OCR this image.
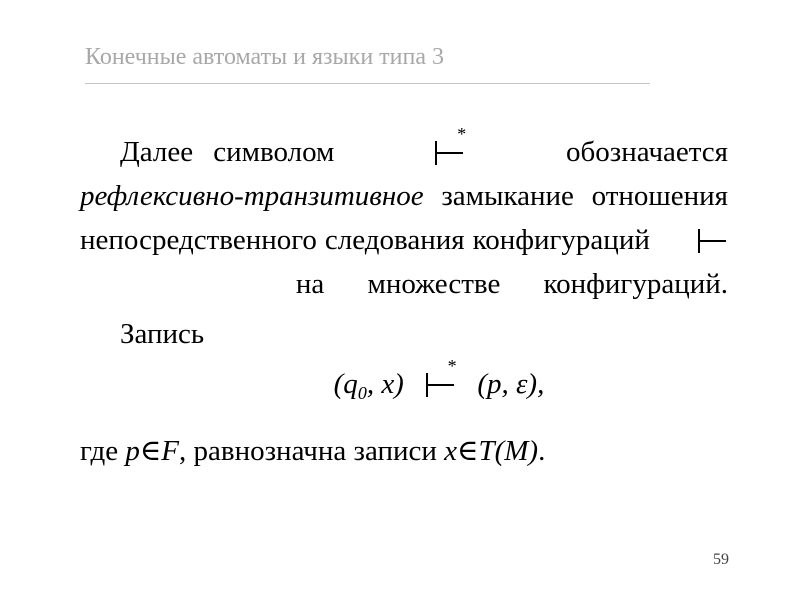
Конечные автоматы и языки типа 3

Далее символом
*
обозначается рефлексивно-транзитивное замыкание отношения непосредственного следования конфигураций
на множестве конфигураций.

Запись

($q_0$, x)
*
(p, ε),

где p∈F, равнозначна записи x∈T(M).

59
